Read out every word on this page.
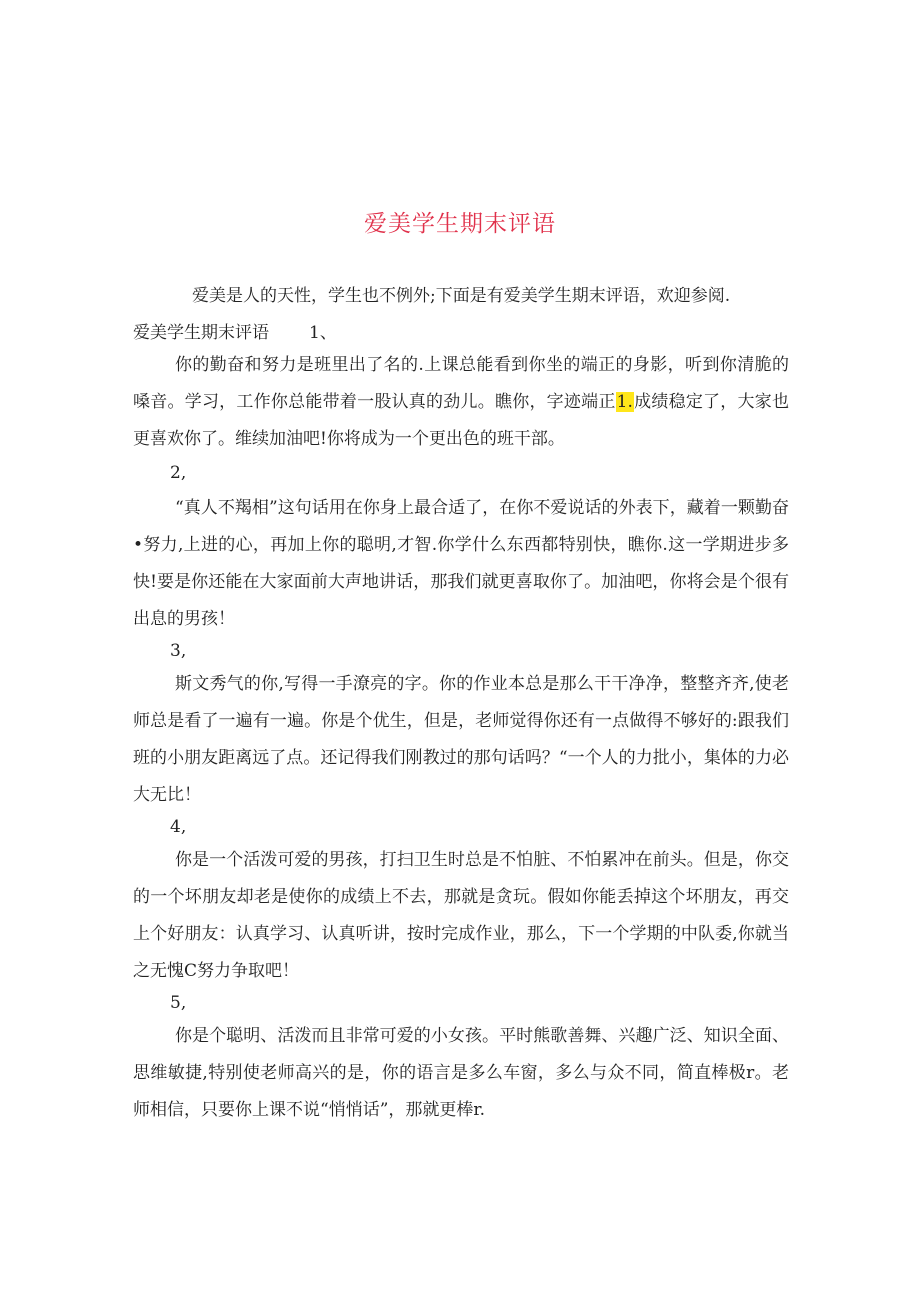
爱美学生期末评语

爱美是人的天性，学生也不例外;下面是有爱美学生期末评语，欢迎参阅.

爱美学生期末评语 1、

你的勤奋和努力是班里出了名的.上课总能看到你坐的端正的身影，听到你清脆的嗓音。学习，工作你总能带着一股认真的劲儿。瞧你，字迹端正1.成绩稳定了，大家也更喜欢你了。维续加油吧!你将成为一个更出色的班干部。

2,

“真人不羯相”这句话用在你身上最合适了，在你不爱说话的外表下，藏着一颗勤奋•努力,上进的心，再加上你的聪明,才智.你学什么东西都特别快，瞧你.这一学期进步多快!要是你还能在大家面前大声地讲话，那我们就更喜取你了。加油吧，你将会是个很有出息的男孩！

3,

斯文秀气的你,写得一手潦亮的字。你的作业本总是那么干干净净，整整齐齐,使老师总是看了一遍有一遍。你是个优生，但是，老师觉得你还有一点做得不够好的:跟我们班的小朋友距离远了点。还记得我们刚教过的那句话吗？“一个人的力批小，集体的力必大无比！

4,

你是一个活泼可爱的男孩，打扫卫生时总是不怕脏、不怕累冲在前头。但是，你交的一个坏朋友却老是使你的成绩上不去，那就是贪玩。假如你能丢掉这个坏朋友，再交上个好朋友：认真学习、认真听讲，按时完成作业，那么，下一个学期的中队委,你就当之无愧C努力争取吧！

5,

你是个聪明、活泼而且非常可爱的小女孩。平时熊歌善舞、兴趣广泛、知识全面、思维敏捷,特别使老师高兴的是，你的语言是多么车窗，多么与众不同，简直棒极r。老师相信，只要你上课不说“悄悄话”，那就更棒r.
